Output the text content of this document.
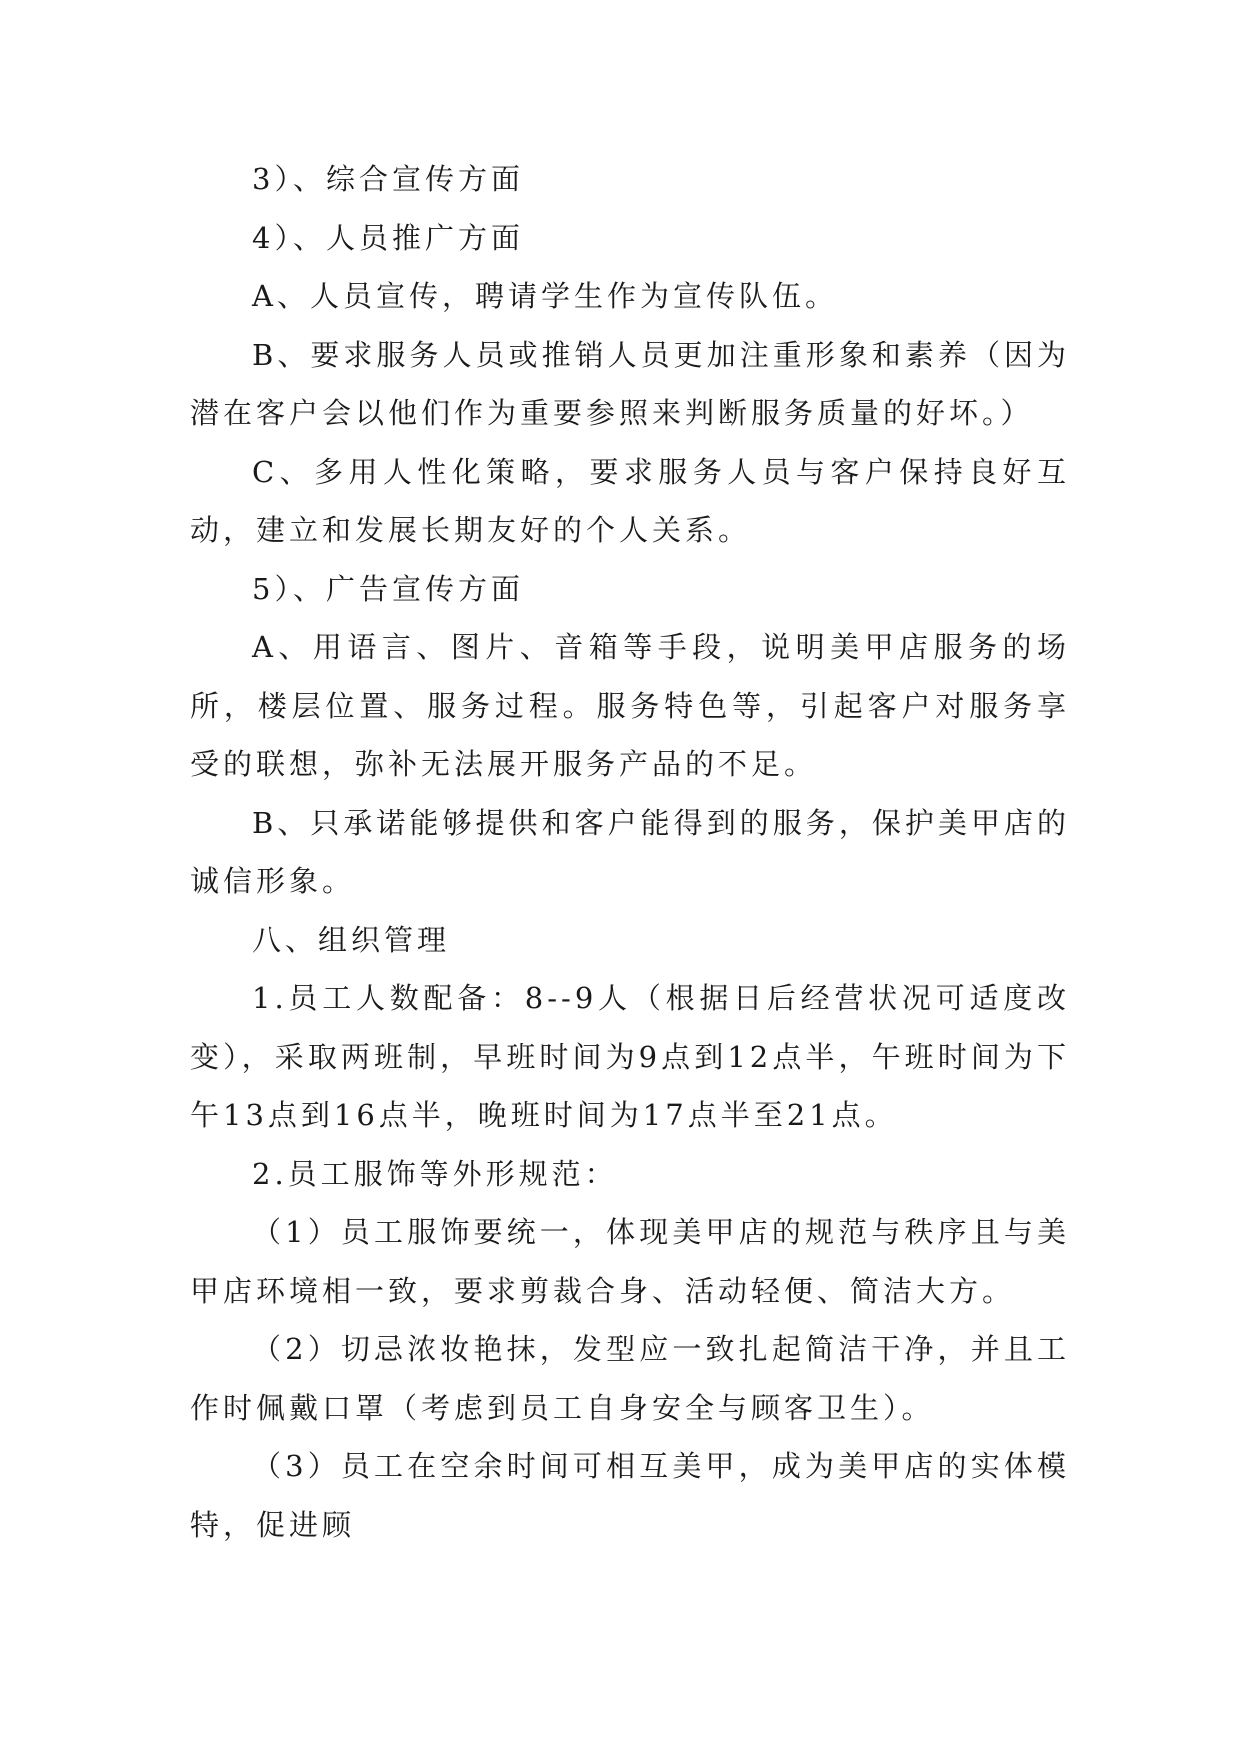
3）、综合宣传方面

4）、人员推广方面

A、人员宣传，聘请学生作为宣传队伍。

B、要求服务人员或推销人员更加注重形象和素养（因为潜在客户会以他们作为重要参照来判断服务质量的好坏。）

C、多用人性化策略，要求服务人员与客户保持良好互动，建立和发展长期友好的个人关系。

5）、广告宣传方面

A、用语言、图片、音箱等手段，说明美甲店服务的场所，楼层位置、服务过程。服务特色等，引起客户对服务享受的联想，弥补无法展开服务产品的不足。

B、只承诺能够提供和客户能得到的服务，保护美甲店的诚信形象。

八、组织管理

1.员工人数配备：8--9人（根据日后经营状况可适度改变），采取两班制，早班时间为9点到12点半，午班时间为下午13点到16点半，晚班时间为17点半至21点。

2.员工服饰等外形规范：

（1）员工服饰要统一，体现美甲店的规范与秩序且与美甲店环境相一致，要求剪裁合身、活动轻便、简洁大方。

（2）切忌浓妆艳抹，发型应一致扎起简洁干净，并且工作时佩戴口罩（考虑到员工自身安全与顾客卫生）。

（3）员工在空余时间可相互美甲，成为美甲店的实体模特，促进顾
